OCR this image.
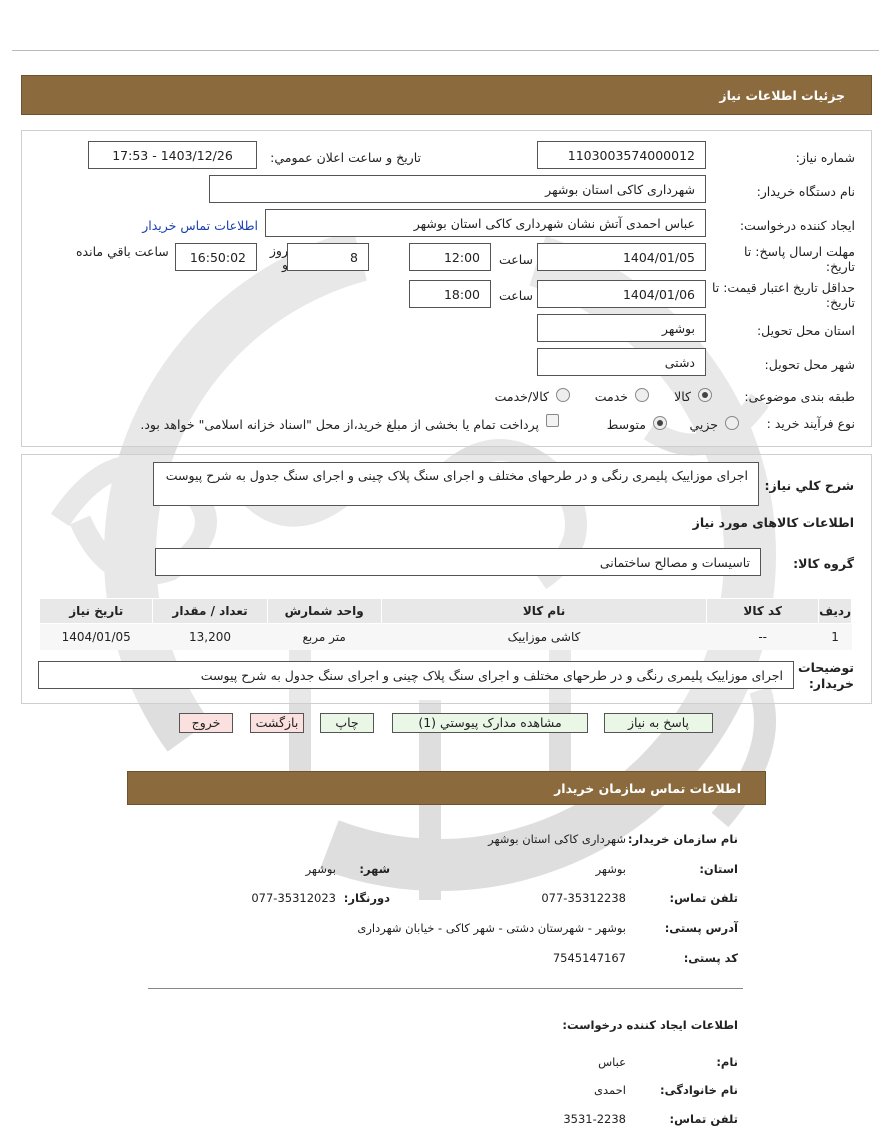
جزئيات اطلاعات نياز
شماره نياز:
1103003574000012
تاريخ و ساعت اعلان عمومي:
1403/12/26 - 17:53
نام دستگاه خريدار:
شهرداری کاکی استان بوشهر
ايجاد کننده درخواست:
عباس احمدی آتش نشان شهرداری کاکی استان بوشهر
اطلاعات تماس خريدار
مهلت ارسال پاسخ: تا تاريخ:
1404/01/05
ساعت
12:00
8
روز و
16:50:02
ساعت باقي مانده
حداقل تاريخ اعتبار قيمت: تا تاريخ:
1404/01/06
ساعت
18:00
استان محل تحويل:
بوشهر
شهر محل تحويل:
دشتی
طبقه بندی موضوعی:
کالا
خدمت
کالا/خدمت
نوع فرآيند خريد :
جزیي
متوسط
پرداخت تمام يا بخشی از مبلغ خريد،از محل "اسناد خزانه اسلامی" خواهد بود.
شرح کلي نياز:
اجرای موزاییک پلیمری رنگی و در طرحهای مختلف و اجرای سنگ پلاک چینی و اجرای سنگ جدول به شرح پیوست
اطلاعات کالاهای مورد نياز
گروه کالا:
تاسيسات و مصالح ساختمانی
رديف	کد کالا	نام کالا	واحد شمارش	تعداد / مقدار	تاريخ نياز
1	--	کاشی موزاییک	متر مربع	13,200	1404/01/05
توضيحات خريدار:
اجرای موزاییک پلیمری رنگی و در طرحهای مختلف و اجرای سنگ پلاک چینی و اجرای سنگ جدول به شرح پیوست
پاسخ به نياز
مشاهده مدارک پيوستي (1)
چاپ
بازگشت
خروج
اطلاعات تماس سازمان خريدار
نام سازمان خريدار:
شهرداری کاکی استان بوشهر
استان:
بوشهر
شهر:
بوشهر
تلفن تماس:
077-35312238
دورنگار:
077-35312023
آدرس پستی:
بوشهر - شهرستان دشتی - شهر کاکی - خیابان شهرداری
کد پستی:
7545147167
اطلاعات ايجاد کننده درخواست:
نام:
عباس
نام خانوادگی:
احمدی
تلفن تماس:
3531-2238
